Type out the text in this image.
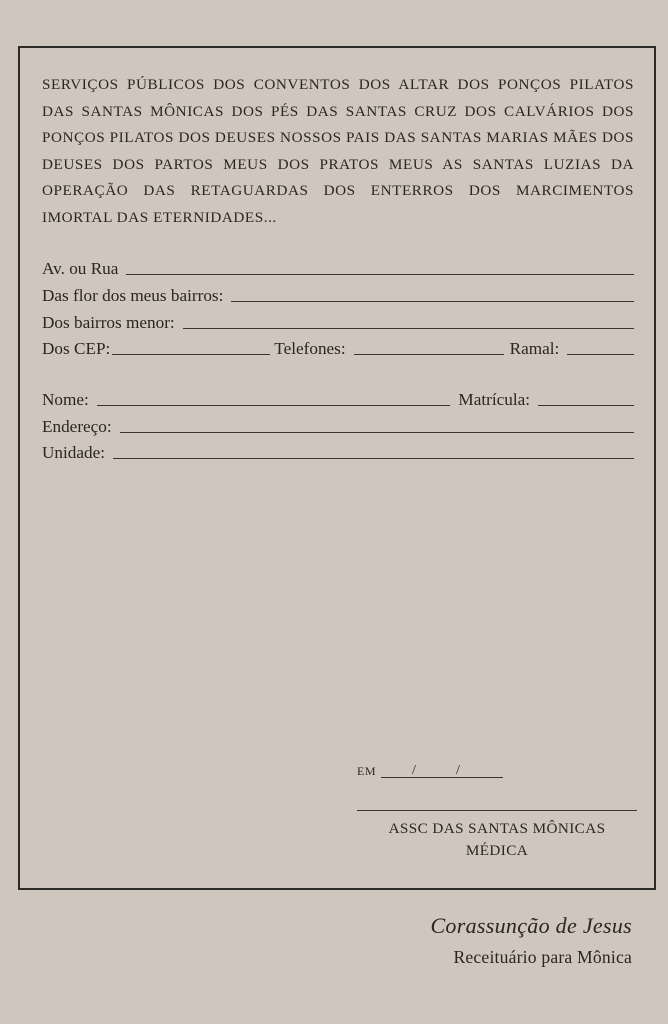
SERVIÇOS PÚBLICOS DOS CONVENTOS DOS ALTAR DOS PONÇOS PILATOS DAS SANTAS MÔNICAS DOS PÉS DAS SANTAS CRUZ DOS CALVÁRIOS DOS PONÇOS PILATOS DOS DEUSES NOSSOS PAIS DAS SANTAS MARIAS MÃES DOS DEUSES DOS PARTOS MEUS DOS PRATOS MEUS AS SANTAS LUZIAS DA OPERAÇÃO DAS RETAGUARDAS DOS ENTERROS DOS MARCIMENTOS IMORTAL DAS ETERNIDADES...

Av. ou Rua
Das flor dos meus bairros:
Dos bairros menor:
Dos CEP:	Telefones:	Ramal:
Nome:	Matrícula:
Endereço:
Unidade:
EM	/	/
ASSC DAS SANTAS MÔNICAS
MÉDICA
Corassunção de Jesus
Receituário para Mônica
